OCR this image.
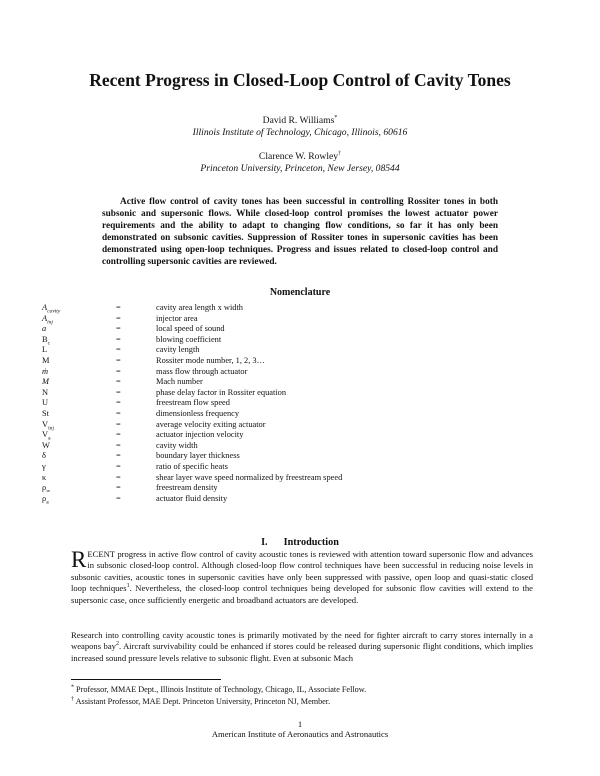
Recent Progress in Closed-Loop Control of Cavity Tones
David R. Williams*
Illinois Institute of Technology, Chicago, Illinois, 60616
Clarence W. Rowley†
Princeton University, Princeton, New Jersey, 08544
Active flow control of cavity tones has been successful in controlling Rossiter tones in both subsonic and supersonic flows. While closed-loop control promises the lowest actuator power requirements and the ability to adapt to changing flow conditions, so far it has only been demonstrated on subsonic cavities. Suppression of Rossiter tones in supersonic cavities has been demonstrated using open-loop techniques. Progress and issues related to closed-loop control and controlling supersonic cavities are reviewed.
Nomenclature
$A_{cavity}$	=	cavity area length x width
$A_{inj}$	=	injector area
a	=	local speed of sound
$B_c$	=	blowing coefficient
L	=	cavity length
M	=	Rossiter mode number, 1, 2, 3…
ṁ	=	mass flow through actuator
M	=	Mach number
N	=	phase delay factor in Rossiter equation
U	=	freestream flow speed
St	=	dimensionless frequency
$V_{inj}$	=	average velocity exiting actuator
$V_a$	=	actuator injection velocity
W	=	cavity width
δ	=	boundary layer thickness
γ	=	ratio of specific heats
κ	=	shear layer wave speed normalized by freestream speed
$\rho_\infty$	=	freestream density
$\rho_a$	=	actuator fluid density
I. Introduction
RECENT progress in active flow control of cavity acoustic tones is reviewed with attention toward supersonic flow and advances in subsonic closed-loop control. Although closed-loop flow control techniques have been successful in reducing noise levels in subsonic cavities, acoustic tones in supersonic cavities have only been suppressed with passive, open loop and quasi-static closed loop techniques$^1$. Nevertheless, the closed-loop control techniques being developed for subsonic flow cavities will extend to the supersonic case, once sufficiently energetic and broadband actuators are developed.
Research into controlling cavity acoustic tones is primarily motivated by the need for fighter aircraft to carry stores internally in a weapons bay$^2$. Aircraft survivability could be enhanced if stores could be released during supersonic flight conditions, which implies increased sound pressure levels relative to subsonic flight. Even at subsonic Mach
* Professor, MMAE Dept., Illinois Institute of Technology, Chicago, IL, Associate Fellow.
† Assistant Professor, MAE Dept. Princeton University, Princeton NJ, Member.
1
American Institute of Aeronautics and Astronautics
